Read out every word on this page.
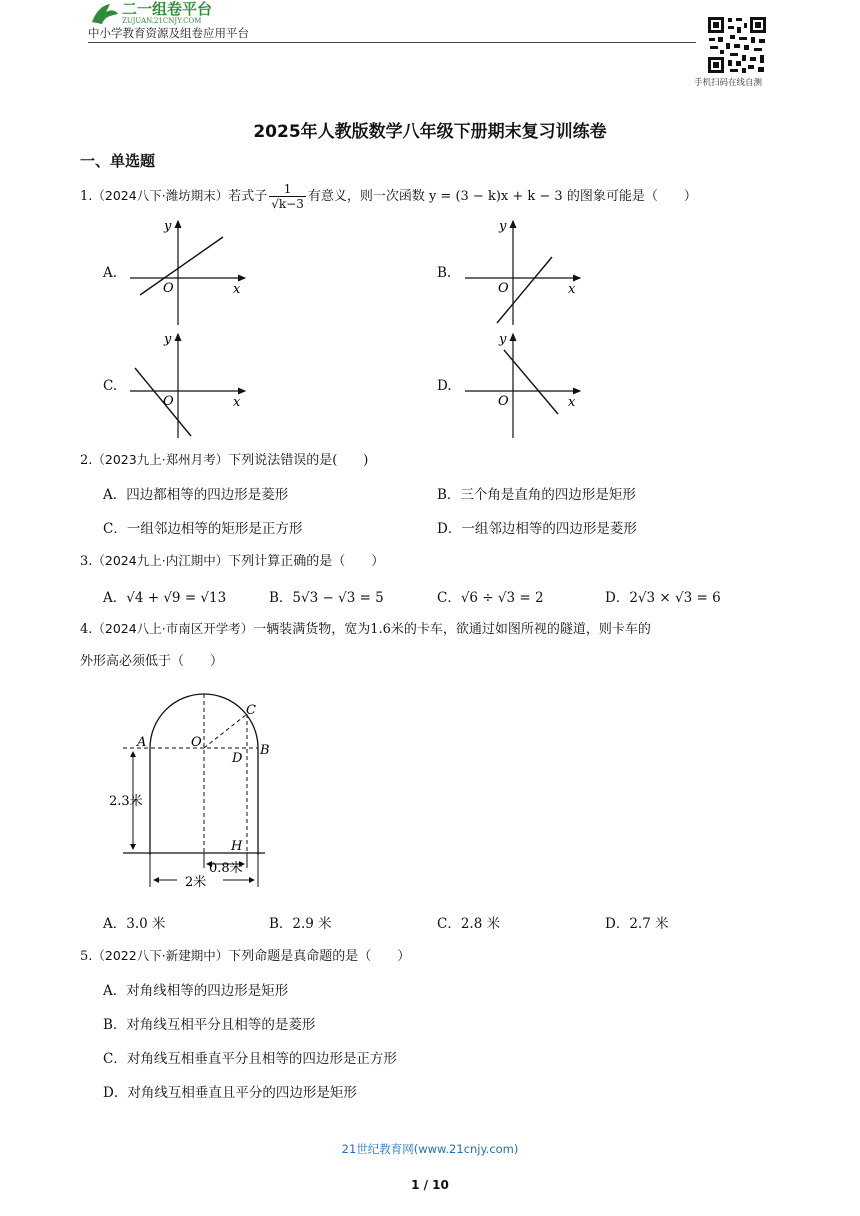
二一组卷平台
ZUJUAN.21CNJY.COM
中小学教育资源及组卷应用平台
手机扫码在线自测
2025年人教版数学八年级下册期末复习训练卷
一、单选题
1.（2024八下·潍坊期末）若式子 $\frac{1}{√k-3}$ 有意义，则一次函数 y = (3 − k)x + k − 3 的图象可能是（　　）
A.	B.
C.	D.
y
x
O
y
x
O
y
x
O
y
x
O
2.（2023九上·郑州月考）下列说法错误的是(　　)
A．四边都相等的四边形是菱形	B．三个角是直角的四边形是矩形
C．一组邻边相等的矩形是正方形	D．一组邻边相等的四边形是菱形
3.（2024九上·内江期中）下列计算正确的是（　　）
A．√4 + √9 = √13	B．5√3 − √3 = 5	C．√6 ÷ √3 = 2	D．2√3 × √3 = 6
4.（2024八上·市南区开学考）一辆装满货物，宽为1.6米的卡车，欲通过如图所视的隧道，则卡车的
外形高必须低于（　　）
A	O
C
D
B
H
2.3米
0.8米
2米
A．3.0 米	B．2.9 米	C．2.8 米	D．2.7 米
5.（2022八下·新建期中）下列命题是真命题的是（　　）
A．对角线相等的四边形是矩形
B．对角线互相平分且相等的是菱形
C．对角线互相垂直平分且相等的四边形是正方形
D．对角线互相垂直且平分的四边形是矩形
21世纪教育网(www.21cnjy.com)
1 / 10
